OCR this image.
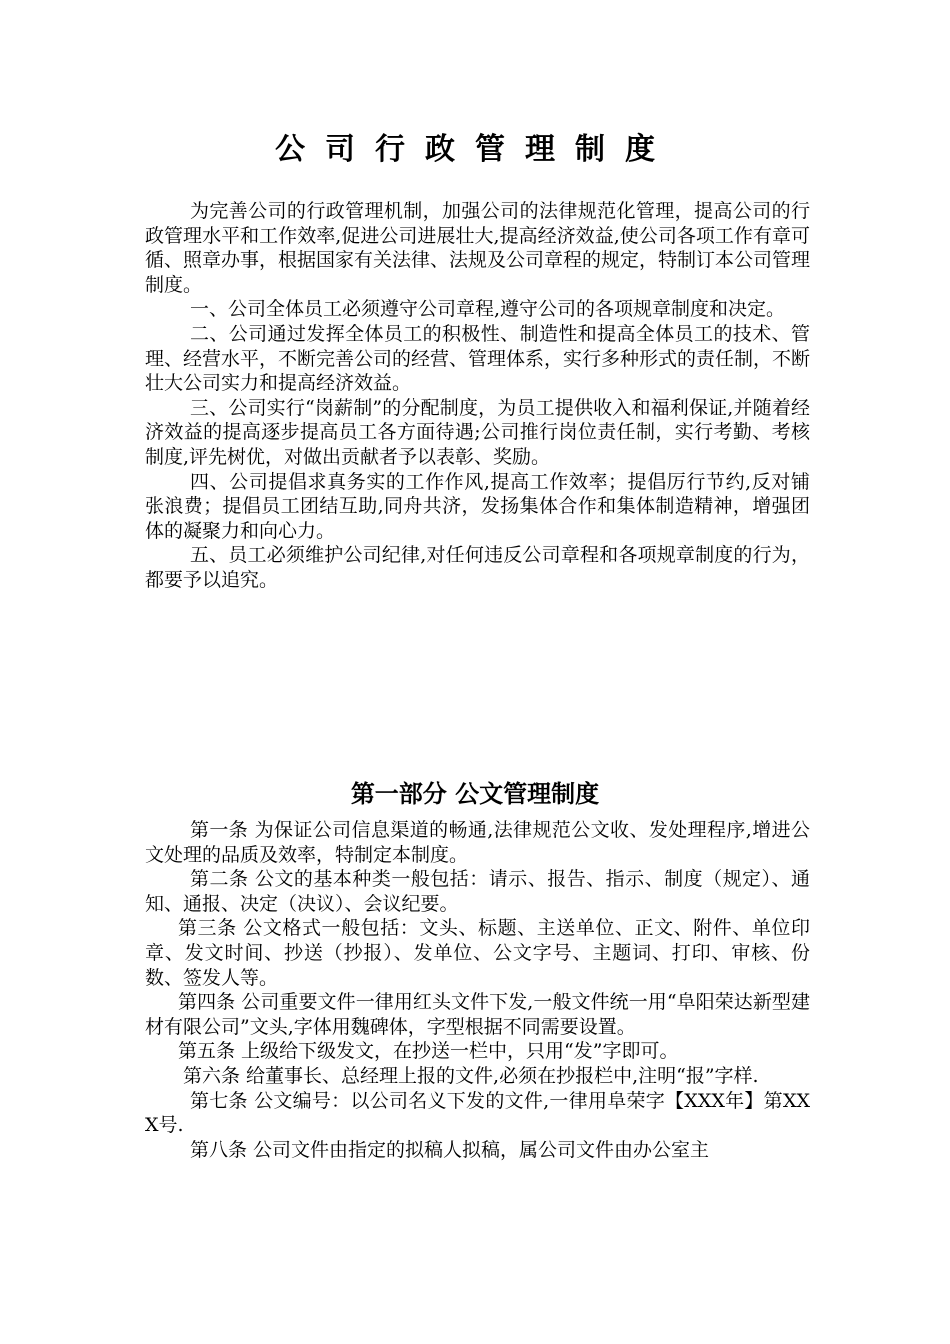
公司行政管理制度

为完善公司的行政管理机制，加强公司的法律规范化管理，提高公司的行政管理水平和工作效率,促进公司进展壮大,提高经济效益,使公司各项工作有章可循、照章办事，根据国家有关法律、法规及公司章程的规定，特制订本公司管理制度。

一、公司全体员工必须遵守公司章程,遵守公司的各项规章制度和决定。

二、公司通过发挥全体员工的积极性、制造性和提高全体员工的技术、管理、经营水平，不断完善公司的经营、管理体系，实行多种形式的责任制，不断壮大公司实力和提高经济效益。

三、公司实行“岗薪制”的分配制度，为员工提供收入和福利保证,并随着经济效益的提高逐步提高员工各方面待遇;公司推行岗位责任制，实行考勤、考核制度,评先树优，对做出贡献者予以表彰、奖励。

四、公司提倡求真务实的工作作风,提高工作效率；提倡厉行节约,反对铺张浪费；提倡员工团结互助,同舟共济，发扬集体合作和集体制造精神，增强团体的凝聚力和向心力。

五、员工必须维护公司纪律,对任何违反公司章程和各项规章制度的行为，都要予以追究。

第一部分 公文管理制度

第一条 为保证公司信息渠道的畅通,法律规范公文收、发处理程序,增进公文处理的品质及效率，特制定本制度。

第二条 公文的基本种类一般包括：请示、报告、指示、制度（规定）、通知、通报、决定（决议）、会议纪要。

第三条 公文格式一般包括：文头、标题、主送单位、正文、附件、单位印章、发文时间、抄送（抄报）、发单位、公文字号、主题词、打印、审核、份数、签发人等。

第四条 公司重要文件一律用红头文件下发,一般文件统一用“阜阳荣达新型建材有限公司”文头,字体用魏碑体，字型根据不同需要设置。

第五条 上级给下级发文，在抄送一栏中，只用“发”字即可。

第六条 给董事长、总经理上报的文件,必须在抄报栏中,注明“报”字样.

第七条 公文编号：以公司名义下发的文件,一律用阜荣字【XXX年】第XXX号.

第八条 公司文件由指定的拟稿人拟稿，属公司文件由办公室主
